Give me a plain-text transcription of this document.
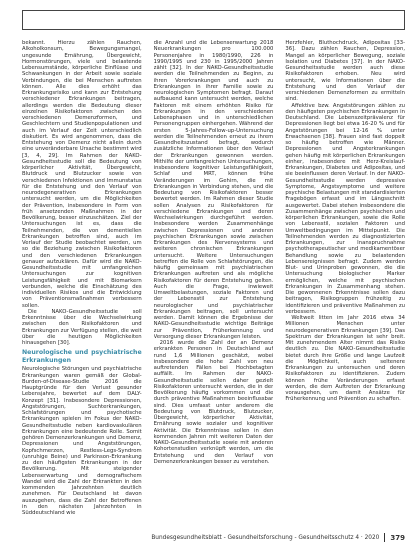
bekannt. Hierzu zählen Rauchen, Alkoholkonsum, Bewegungsmangel, ungesunde Ernährung, Übergewicht, Hormonstörungen, viele und belastende Lebensumstände, körperliche Einflüsse und Schwankungen in der Arbeit sowie soziale Verbindungen, die bei Menschen auftreten können. Alle dies erhöht das Erkrankungsrisiko und kann zur Entstehung verschiedener Erkrankungen beitragen, allerdings werden die Bedeutung dieser einzelnen Risikofaktoren zwischen den verschiedenen Demenzformen, und Geschlechtern und Studienpopulationen und auch im Verlauf der Zeit unterschiedlich diskutiert. Es wird angenommen, dass die Entstehung von Demenz nicht allein durch eine unveränderbare Ursache bestimmt wird [3, 4, 29]. Im Rahmen der NAKO-Gesundheitsstudie soll die Bedeutung von körperlicher Aktivität, Übergewicht, Blutdruck und Blutzucker sowie von verschiedenen Infektionen und Immunstatus für die Entstehung und den Verlauf von neurodegenerativen Erkrankungen untersucht werden, um die Möglichkeiten der Prävention, insbesondere in Form von früh ansetzenden Maßnahmen in der Bevölkerung, besser einzuschätzen. Ziel der Untersuchungen ist es, dass die Teilnehmenden, die von dementiellen Erkrankungen betroffen sind, auch im Verlauf der Studie beobachtet werden, um so die Beziehung zwischen Risikofaktoren und den verschiedenen Erkrankungen genauer aufzuklären. Dafür wird die NAKO-Gesundheitsstudie mit umfangreichen Untersuchungen zur kognitiven Leistungsfähigkeit und mit Biomarkern verbunden, welche die Einschätzung des individuellen Risikos und die Entwicklung von Präventionsmaßnahmen verbessern sollen.

Die NAKO-Gesundheitsstudie soll Erkenntnisse über die Wechselwirkung zwischen den Risikofaktoren und Erkrankungen zur Verfügung stellen, die weit über die heutigen Möglichkeiten hinausgehen [30].

Neurologische und psychiatrische Erkrankungen

Neurologische Störungen und psychiatrische Erkrankungen waren gemäß der Global-Burden-of-Disease-Studie 2016 die Hauptgründe für den Verlust gesunder Lebensjahre, bewertet auf dem DALY-Konzept [31]. Insbesondere Depressionen, Angststörungen, Suchterkrankungen, Schlafstörungen und psychotische Erkrankungen spielen im Fokus der NAKO-Gesundheitsstudie neben kardiovaskulären Erkrankungen eine bedeutende Rolle. Somit gehören Demenzerkrankungen und Demenz, Depressionen und Angststörungen, Kopfschmerzen, Restless-Legs-Syndrom (unruhige Beine) und Parkinson-Erkrankung zu den häufigsten Erkrankungen in der Bevölkerung. Mit steigender Lebenserwartung und demografischem Wandel wird die Zahl der Erkrankten in den kommenden Jahrzehnten deutlich zunehmen. Für Deutschland ist davon auszugehen, dass die Zahl der Betroffenen in den nächsten Jahrzehnten in Süddeutschland wie

die Anzahl und die Lebenserwartung 2018 Neuerkrankungen pro 100.000 Personenjahre in 1980/1990, 226 in 1990/1995 und 230 in 1995/2000 Jahren zählt [32]. In der NAKO-Gesundheitsstudie werden die Teilnehmenden zu Beginn, zu ihren Vorerkrankungen und auch zu Erkrankungen in ihrer Familie sowie zu neurologischen Symptomen befragt. Darauf aufbauend kann untersucht werden, welche Faktoren mit einem erhöhten Risiko für Erkrankungen in den verschiedenen Lebensphasen und in unterschiedlichen Personengruppen einhergehen. Während der ersten 5-Jahres-Follow-up-Untersuchung werden die Teilnehmenden erneut zu ihrem Gesundheitszustand befragt, wodurch zusätzliche Informationen über den Verlauf der Erkrankungen gewonnen werden. Mithilfe der umfangreichen Untersuchungen, insbesondere kognitiver Leistungsfähigkeit, Schlaf und MRT, können frühe Veränderungen im Gehirn, die mit Erkrankungen in Verbindung stehen, und die Bedeutung von Risikofaktoren besser bewertet werden. Im Rahmen dieser Studie sollen Analysen zu Risikofaktoren für verschiedene Erkrankungen und deren Wechselwirkungen durchgeführt werden. Insbesondere werden Zusammenhänge zwischen Depressionen und anderen psychischen Erkrankungen sowie zwischen Erkrankungen des Nervensystems und weiteren chronischen Erkrankungen untersucht. Weitere Untersuchungen betreffen die Rolle von Schlafstörungen, die häufig gemeinsam mit psychiatrischen Erkrankungen auftreten und als mögliche Risikofaktoren für deren Entstehung gelten. Auch die Frage, inwieweit Umweltbelastungen, soziale Faktoren und der Lebensstil zur Entstehung neurologischer und psychiatrischer Erkrankungen beitragen, soll untersucht werden. Damit können die Ergebnisse der NAKO-Gesundheitsstudie wichtige Beiträge zur Prävention, Früherkennung und Versorgung dieser Erkrankungen leisten.

2016 wurde die Zahl der an Demenz erkrankten Personen in Deutschland auf rund 1,6 Millionen geschätzt, wobei insbesondere die hohe Zahl von neu auftretenden Fällen bei Hochbetagten auffällt. Im Rahmen der NAKO-Gesundheitsstudie sollen daher gezielt Risikofaktoren untersucht werden, die in der Bevölkerung häufig vorkommen und die durch präventive Maßnahmen beeinflussbar sind. Dies umfasst unter anderem die Bedeutung von Blutdruck, Blutzucker, Übergewicht, körperlicher Aktivität, Ernährung sowie sozialer und kognitiver Aktivität. Die Erkenntnisse sollen in den kommenden Jahren mit weiteren Daten der NAKO-Gesundheitsstudie sowie mit anderen Kohortenstudien verknüpft werden, um die Entstehung und den Verlauf von Demenzerkrankungen besser zu verstehen.

Herzfehler, Bluthochdruck, Adipositas [33-36]. Dazu zählen Rauchen, Depression, Mangel an körperlicher Bewegung, soziale Isolation und Diabetes [37]. In der NAKO-Gesundheitsstudie werden auch diese Risikofaktoren erhoben. Neu wird untersucht, wie Informationen über die Entstehung und den Verlauf der verschiedenen Demenzformen zu ermitteln sind.

Affektive bzw. Angststörungen zählen zu den häufigsten psychischen Erkrankungen in Deutschland. Die Lebenszeitprävalenz für Depressionen liegt bei etwa 16-20 % und für Angststörungen bei 12-16 % unter Erwachsenen [38]. Frauen sind fast doppelt so häufig betroffen wie Männer. Depressionen und Angsterkrankungen gehen häufig mit körperlichen Erkrankungen einher, insbesondere mit Herz-Kreislauf-Erkrankungen, Diabetes und Adipositas, und sie beeinflussen deren Verlauf. In der NAKO-Gesundheitsstudie werden depressive Symptome, Angstsymptome und weitere psychische Belastungen mit standardisierten Fragebögen erfasst und im Längsschnitt ausgewertet. Dabei stehen insbesondere die Zusammenhänge zwischen psychischen und körperlichen Erkrankungen, sowie die Rolle von Lebensstil, sozialen Faktoren und Umweltbedingungen im Mittelpunkt. Die Teilnehmenden werden zu diagnostizierten Erkrankungen, zur Inanspruchnahme psychotherapeutischer und medikamentöser Behandlung sowie zu belastenden Lebensereignissen befragt. Zudem werden Blut- und Urinproben gewonnen, die die Untersuchung biologischer Marker ermöglichen, welche mit psychischen Erkrankungen in Zusammenhang stehen. Die gewonnenen Erkenntnisse sollen dazu beitragen, Risikogruppen frühzeitig zu identifizieren und präventive Maßnahmen zu verbessern.

Weltweit litten im Jahr 2016 etwa 34 Millionen Menschen unter neurodegenerativen Erkrankungen [39]. Das Spektrum der Erkrankungen ist sehr breit. Mit zunehmendem Alter nimmt das Risiko deutlich zu. Die NAKO-Gesundheitsstudie bietet durch ihre Größe und lange Laufzeit die Möglichkeit, auch seltenere Erkrankungen zu untersuchen und deren Risikofaktoren zu identifizieren. Zudem können frühe Veränderungen erfasst werden, die dem Auftreten der Erkrankung vorausgehen, um damit Ansätze für Früherkennung und Prävention zu schaffen.

Bundesgesundheitsblatt - Gesundheitsforschung - Gesundheitsschutz 4 · 2020 379
